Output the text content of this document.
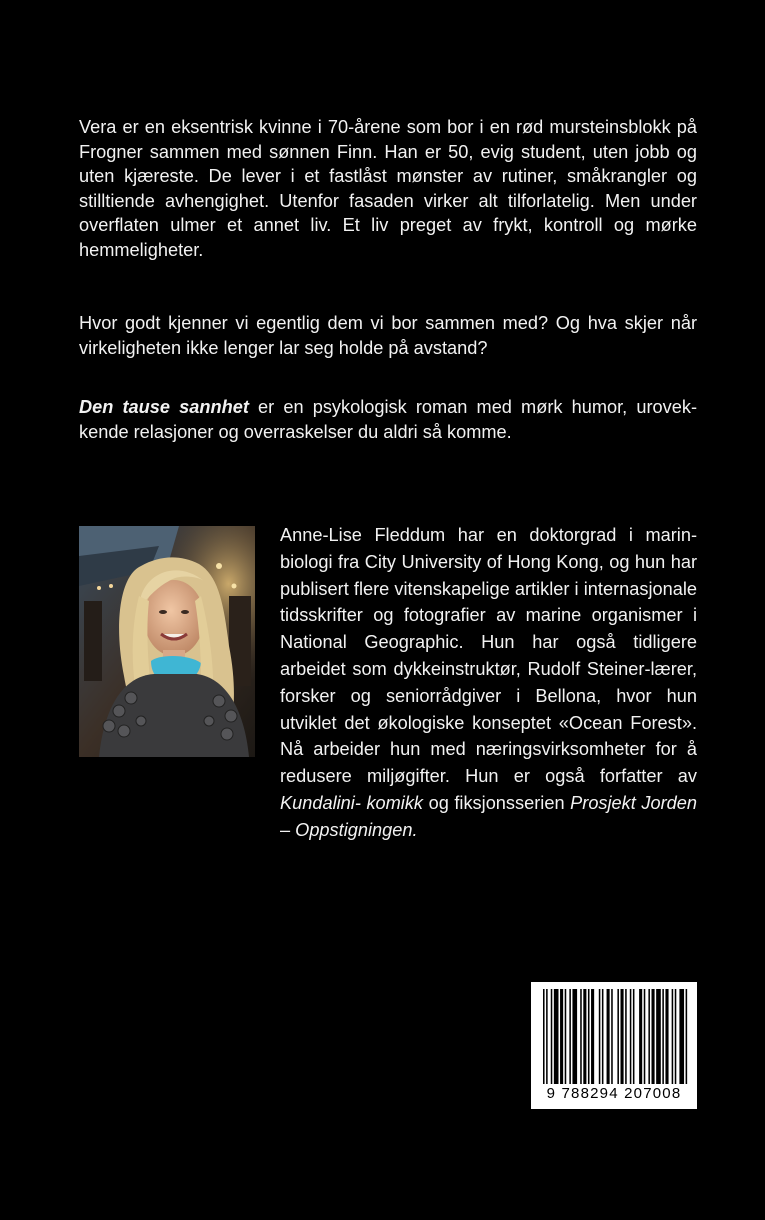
Vera er en eksentrisk kvinne i 70-årene som bor i en rød mursteinsblokk på Frogner sammen med sønnen Finn. Han er 50, evig student, uten jobb og uten kjæreste. De lever i et fastlåst mønster av rutiner, småkrangler og stilltiende avhengighet. Utenfor fasaden virker alt tilforlatelig. Men under overflaten ulmer et annet liv. Et liv preget av frykt, kontroll og mørke hemmeligheter.

Hvor godt kjenner vi egentlig dem vi bor sammen med? Og hva skjer når virkeligheten ikke lenger lar seg holde på avstand?

Den tause sannhet er en psykologisk roman med mørk humor, urovekkende relasjoner og overraskelser du aldri så komme.

Anne-Lise Fleddum har en doktorgrad i marinbiologi fra City University of Hong Kong, og hun har publisert flere vitenskapelige artikler i internasjonale tidsskrifter og fotografier av marine organismer i National Geographic. Hun har også tidligere arbeidet som dykkeinstruktør, Rudolf Steiner-lærer, forsker og seniorrådgiver i Bellona, hvor hun utviklet det økologiske konseptet «Ocean Forest». Nå arbeider hun med næringsvirksomheter for å redusere miljøgifter. Hun er også forfatter av Kundalini- komikk og fiksjonsserien Prosjekt Jorden – Oppstigningen.

9 788294 207008
